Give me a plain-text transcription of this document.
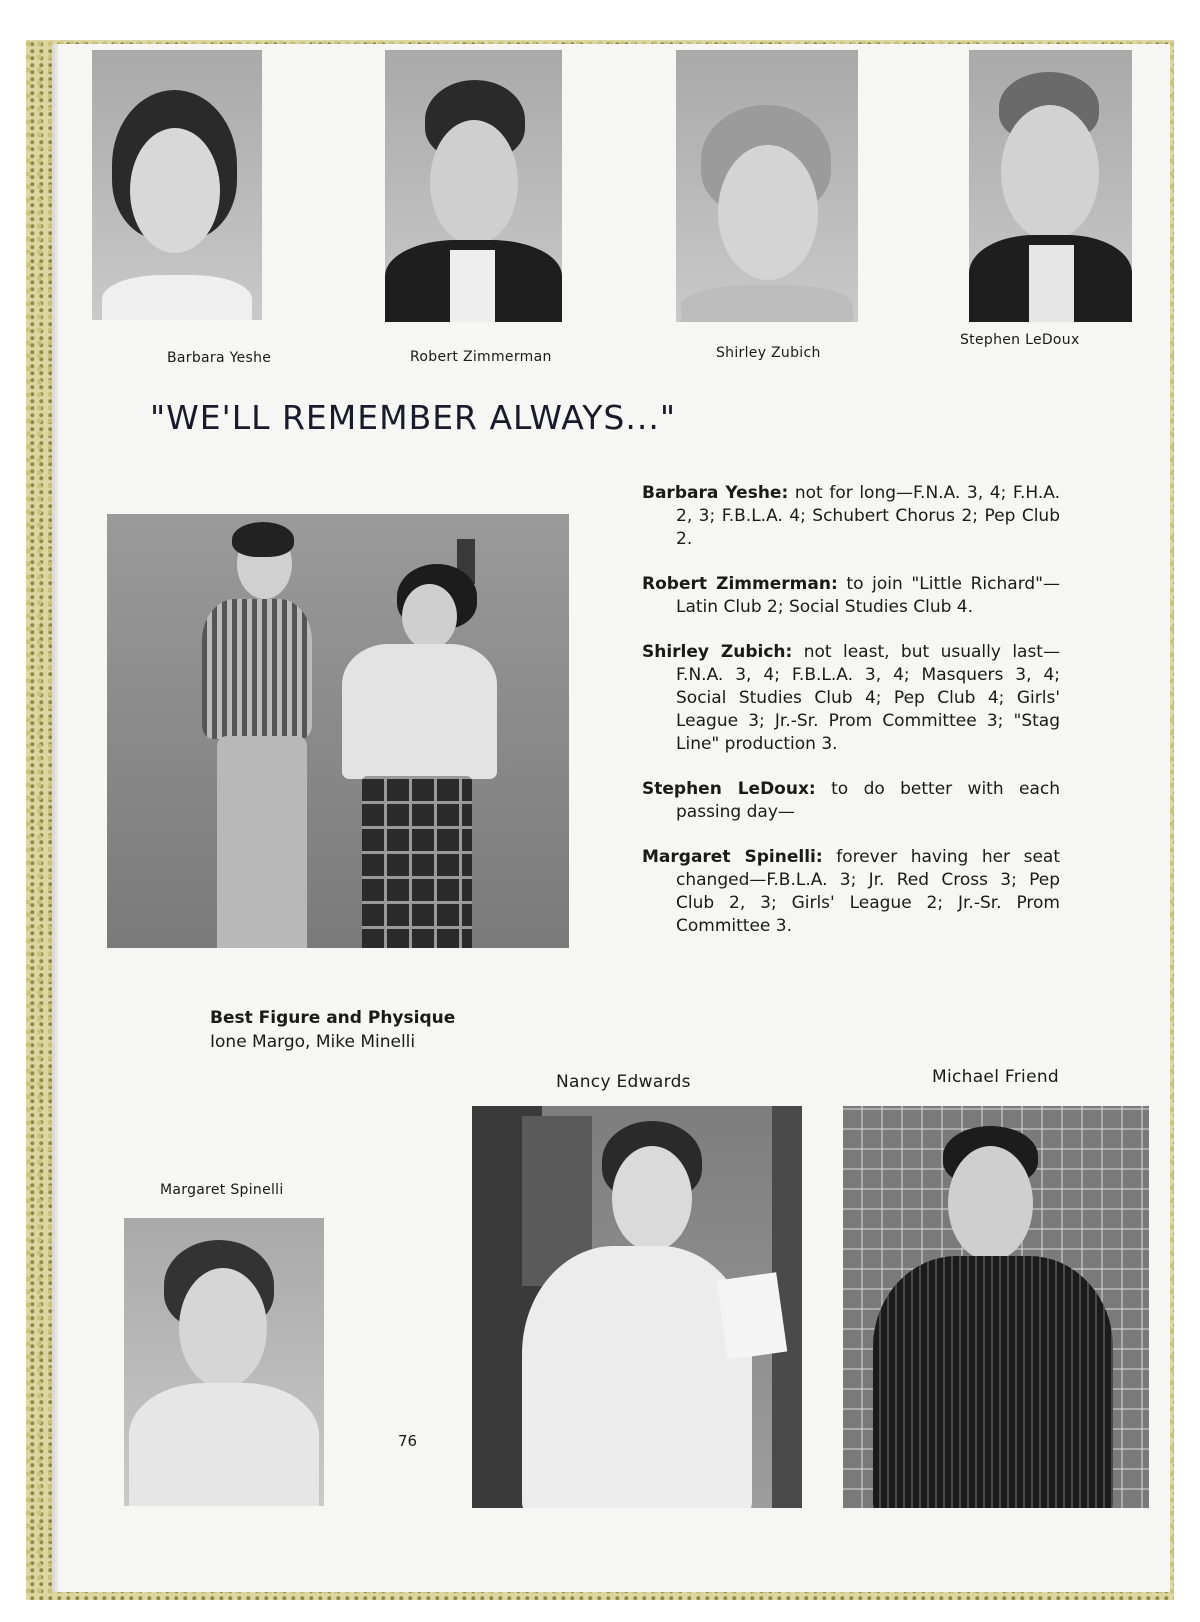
Barbara Yeshe	Robert Zimmerman	Shirley Zubich
Stephen LeDoux
"WE'LL REMEMBER ALWAYS..."

Barbara Yeshe: not for long—F.N.A. 3, 4; F.H.A. 2, 3; F.B.L.A. 4; Schubert Chorus 2; Pep Club 2.

Robert Zimmerman: to join "Little Richard"— Latin Club 2; Social Studies Club 4.

Shirley Zubich: not least, but usually last— F.N.A. 3, 4; F.B.L.A. 3, 4; Masquers 3, 4; Social Studies Club 4; Pep Club 4; Girls' League 3; Jr.-Sr. Prom Committee 3; "Stag Line" production 3.

Stephen LeDoux: to do better with each passing day—

Margaret Spinelli: forever having her seat changed—F.B.L.A. 3; Jr. Red Cross 3; Pep Club 2, 3; Girls' League 2; Jr.-Sr. Prom Committee 3.

Best Figure and Physique
Ione Margo, Mike Minelli
Nancy Edwards	Michael Friend
Margaret Spinelli
76
